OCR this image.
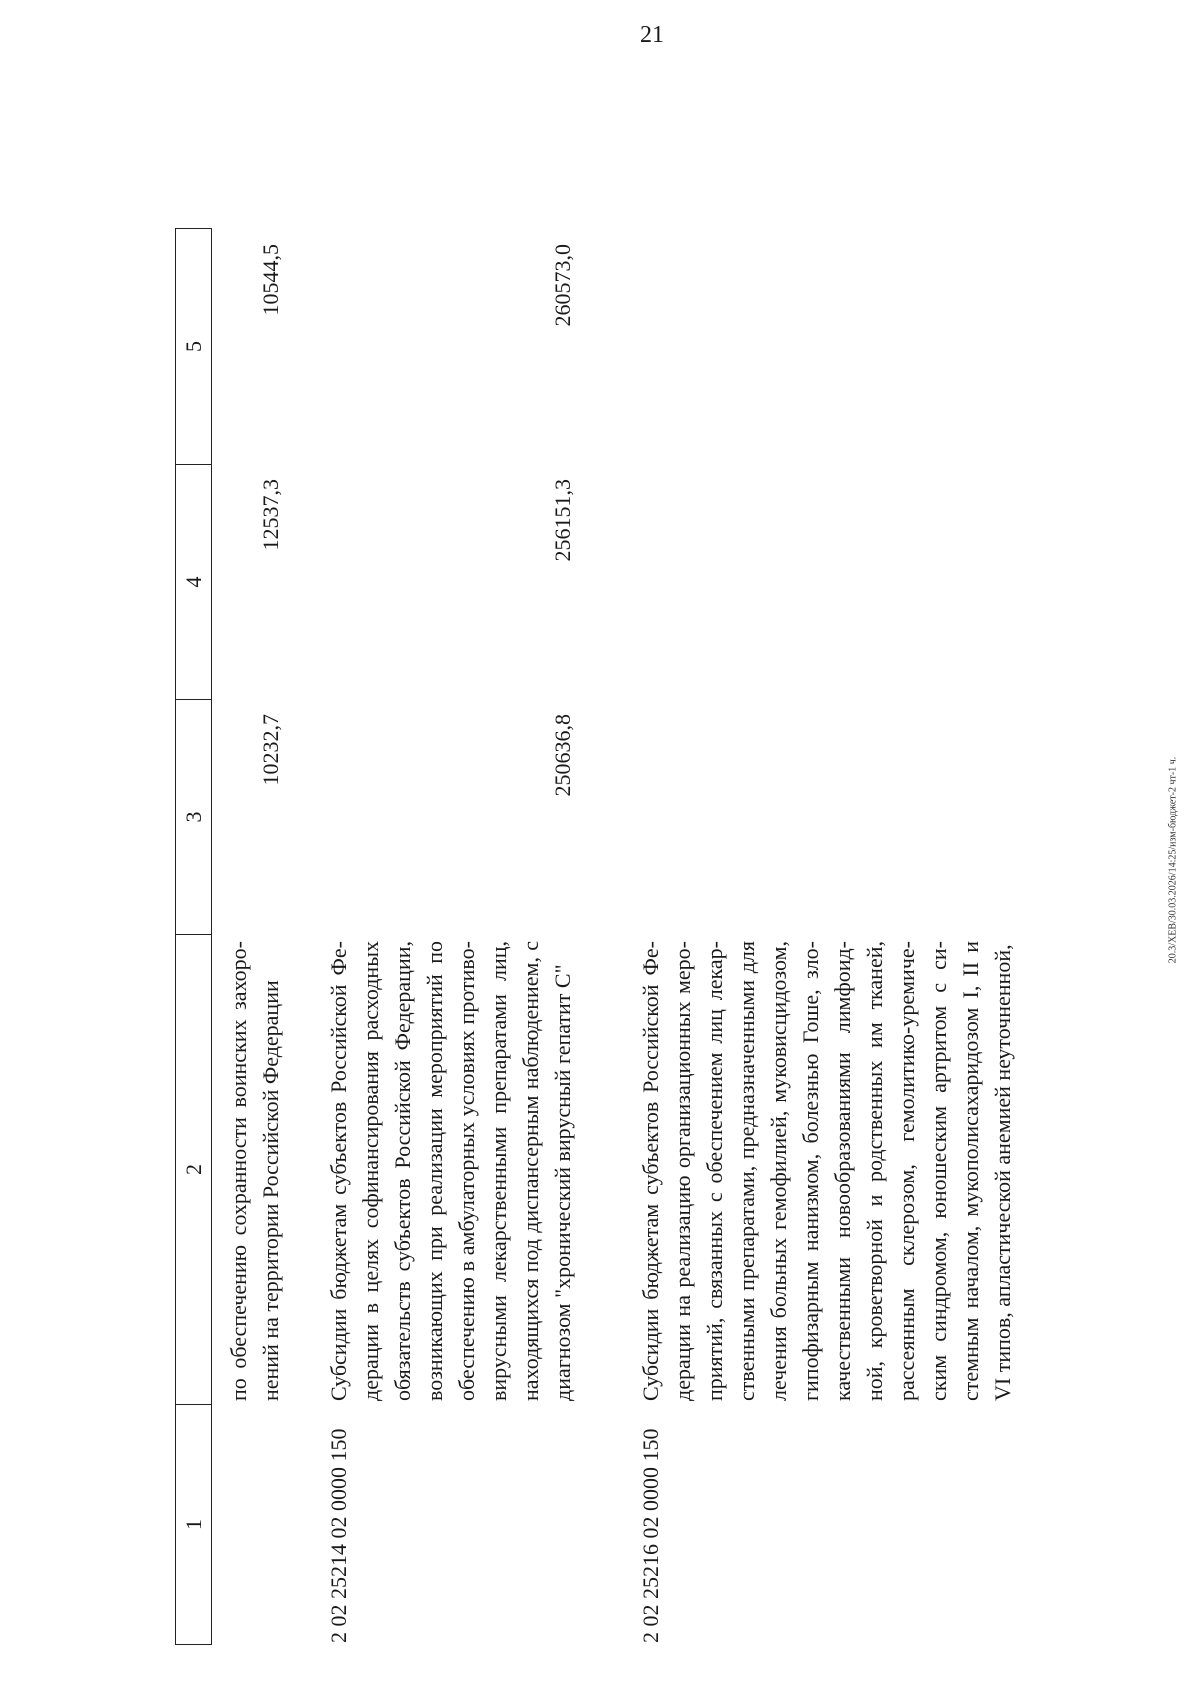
21
20.3/XEB/30.03.2026/14:25/изм-бюджет-2 чт-1 ч.
1
2
3
4
5
по обеспечению сохранности воинских захоро- нений на территории Российской Федерации
10232,7
12537,3
10544,5
2 02 25214 02 0000 150
Субсидии бюджетам субъектов Российской Фе- дерации в целях софинансирования расходных обязательств субъектов Российской Федерации, возникающих при реализации мероприятий по обеспечению в амбулаторных условиях противо- вирусными лекарственными препаратами лиц, находящихся под диспансерным наблюдением, с диагнозом "хронический вирусный гепатит C"
250636,8
256151,3
260573,0
2 02 25216 02 0000 150
Субсидии бюджетам субъектов Российской Фе- дерации на реализацию организационных меро- приятий, связанных с обеспечением лиц лекар- ственными препаратами, предназначенными для лечения больных гемофилией, муковисцидозом, гипофизарным нанизмом, болезнью Гоше, зло- качественными новообразованиями лимфоид- ной, кроветворной и родственных им тканей, рассеянным склерозом, гемолитико-уремиче- ским синдромом, юношеским артритом с си- стемным началом, мукополисахаридозом I, II и VI типов, апластической анемией неуточненной,
